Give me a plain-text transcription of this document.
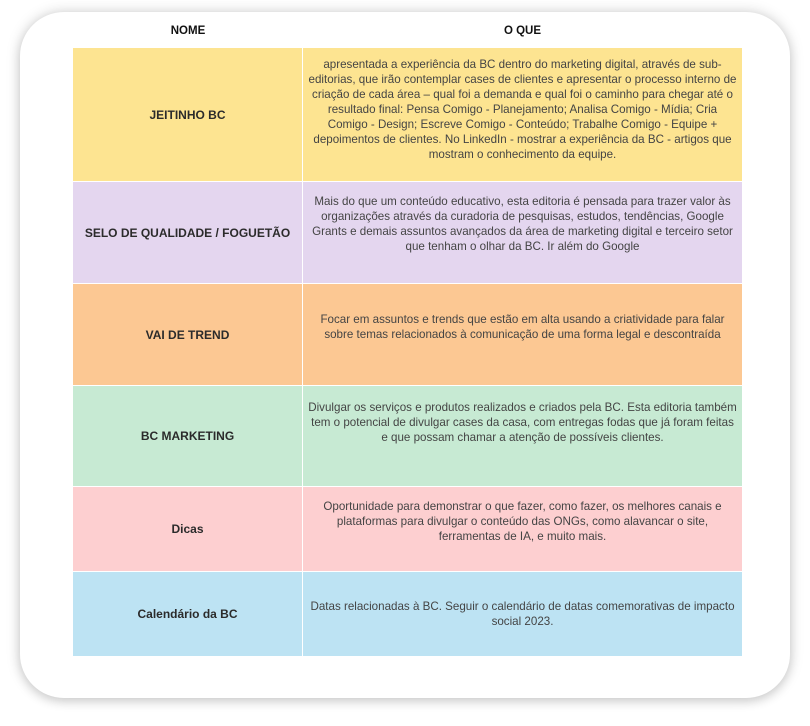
NOME	O QUE
JEITINHO BC
apresentada a experiência da BC dentro do marketing digital, através de sub-editorias, que irão contemplar cases de clientes e apresentar o processo interno de criação de cada área – qual foi a demanda e qual foi o caminho para chegar até o resultado final: Pensa Comigo - Planejamento; Analisa Comigo - Mídia; Cria Comigo - Design; Escreve Comigo - Conteúdo; Trabalhe Comigo - Equipe + depoimentos de clientes. No LinkedIn - mostrar a experiência da BC - artigos que mostram o conhecimento da equipe.
SELO DE QUALIDADE / FOGUETÃO
Mais do que um conteúdo educativo, esta editoria é pensada para trazer valor às organizações através da curadoria de pesquisas, estudos, tendências, Google Grants e demais assuntos avançados da área de marketing digital e terceiro setor que tenham o olhar da BC. Ir além do Google
VAI DE TREND
Focar em assuntos e trends que estão em alta usando a criatividade para falar sobre temas relacionados à comunicação de uma forma legal e descontraída
BC MARKETING
Divulgar os serviços e produtos realizados e criados pela BC. Esta editoria também tem o potencial de divulgar cases da casa, com entregas fodas que já foram feitas e que possam chamar a atenção de possíveis clientes.
Dicas
Oportunidade para demonstrar o que fazer, como fazer, os melhores canais e plataformas para divulgar o conteúdo das ONGs, como alavancar o site, ferramentas de IA, e muito mais.
Calendário da BC
Datas relacionadas à BC. Seguir o calendário de datas comemorativas de impacto social 2023.
